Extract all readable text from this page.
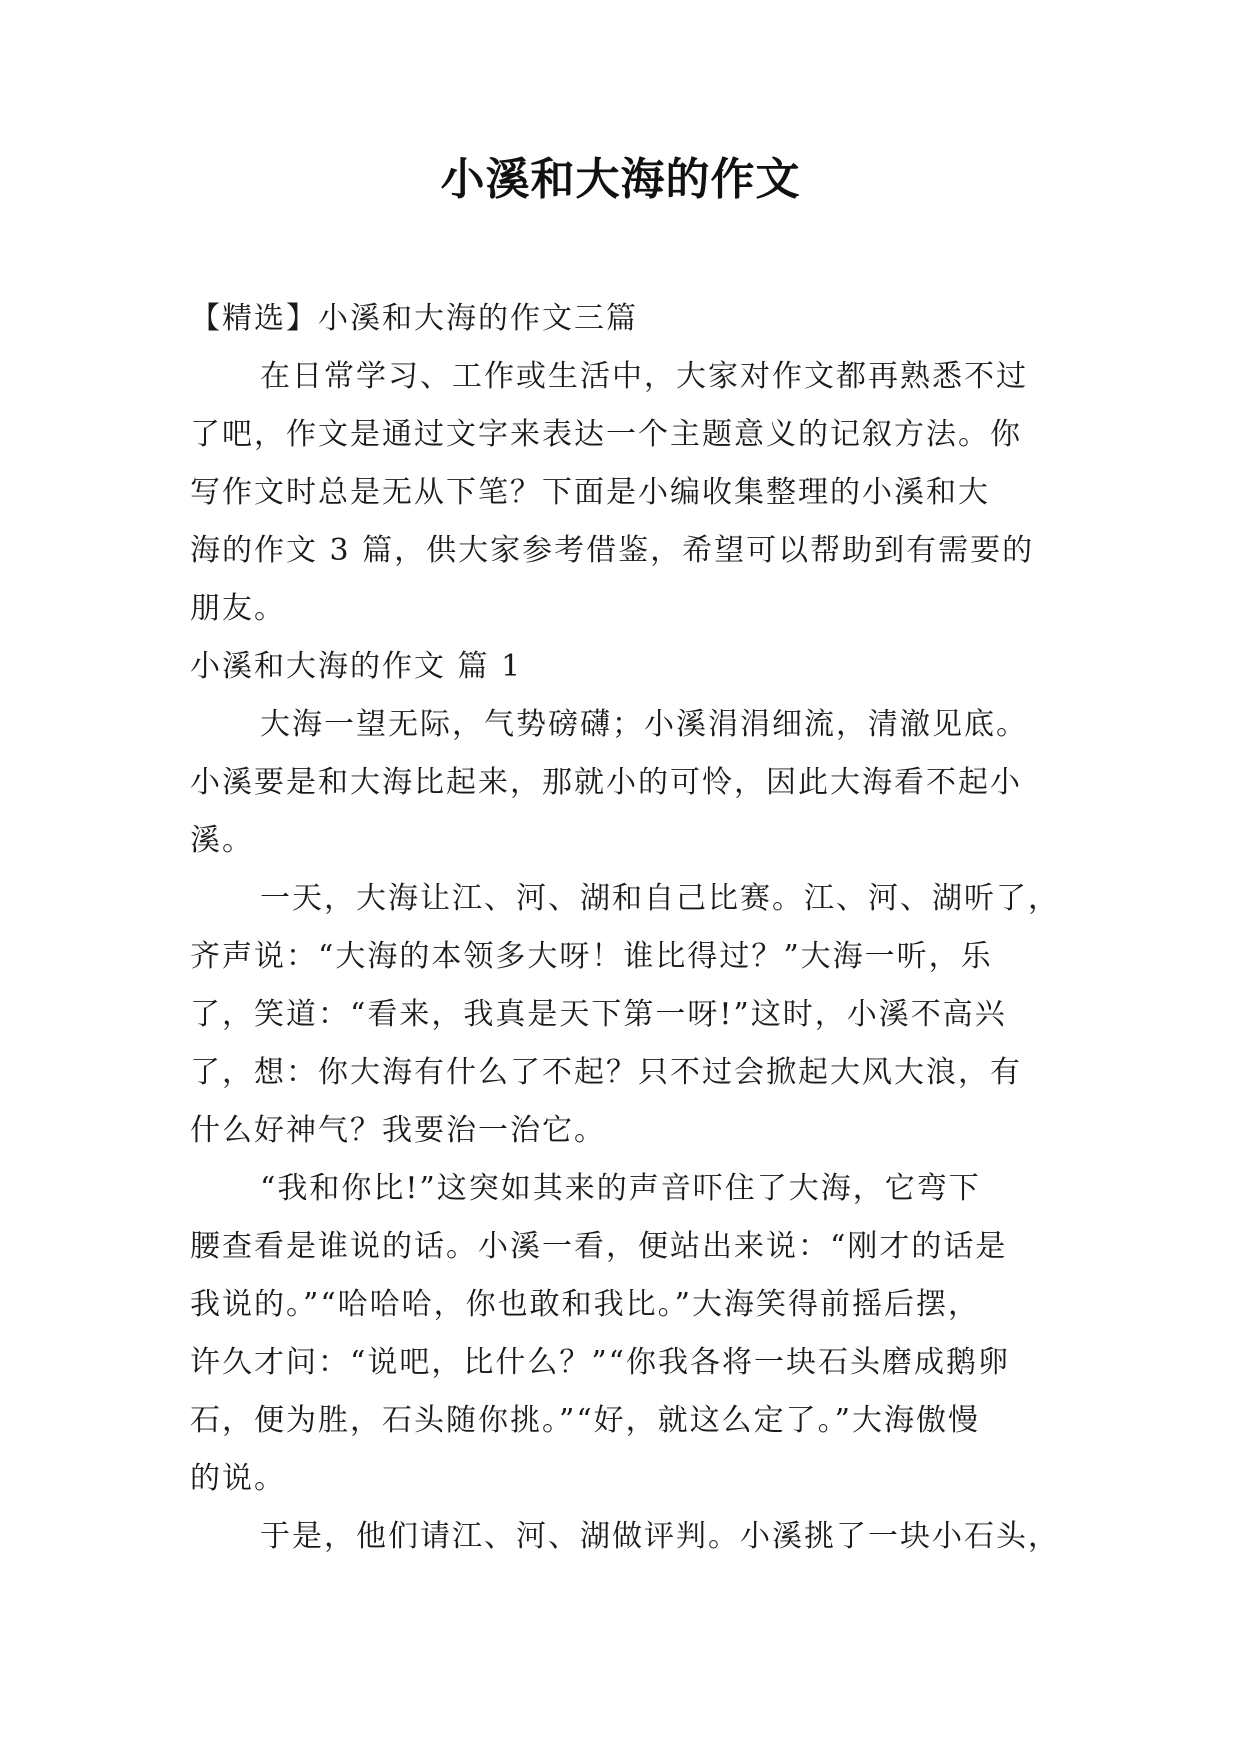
小溪和大海的作文
【精选】小溪和大海的作文三篇
在日常学习、工作或生活中，大家对作文都再熟悉不过
了吧，作文是通过文字来表达一个主题意义的记叙方法。你
写作文时总是无从下笔？下面是小编收集整理的小溪和大
海的作文 3 篇，供大家参考借鉴，希望可以帮助到有需要的
朋友。
小溪和大海的作文 篇 1
大海一望无际，气势磅礴；小溪涓涓细流，清澈见底。
小溪要是和大海比起来，那就小的可怜，因此大海看不起小
溪。
一天，大海让江、河、湖和自己比赛。江、河、湖听了，
齐声说：“大海的本领多大呀！谁比得过？”大海一听，乐
了，笑道：“看来，我真是天下第一呀!”这时，小溪不高兴
了，想：你大海有什么了不起？只不过会掀起大风大浪，有
什么好神气？我要治一治它。
“我和你比!”这突如其来的声音吓住了大海，它弯下
腰查看是谁说的话。小溪一看，便站出来说：“刚才的话是
我说的。”“哈哈哈，你也敢和我比。”大海笑得前摇后摆，
许久才问：“说吧，比什么？”“你我各将一块石头磨成鹅卵
石，便为胜，石头随你挑。”“好，就这么定了。”大海傲慢
的说。
于是，他们请江、河、湖做评判。小溪挑了一块小石头，
